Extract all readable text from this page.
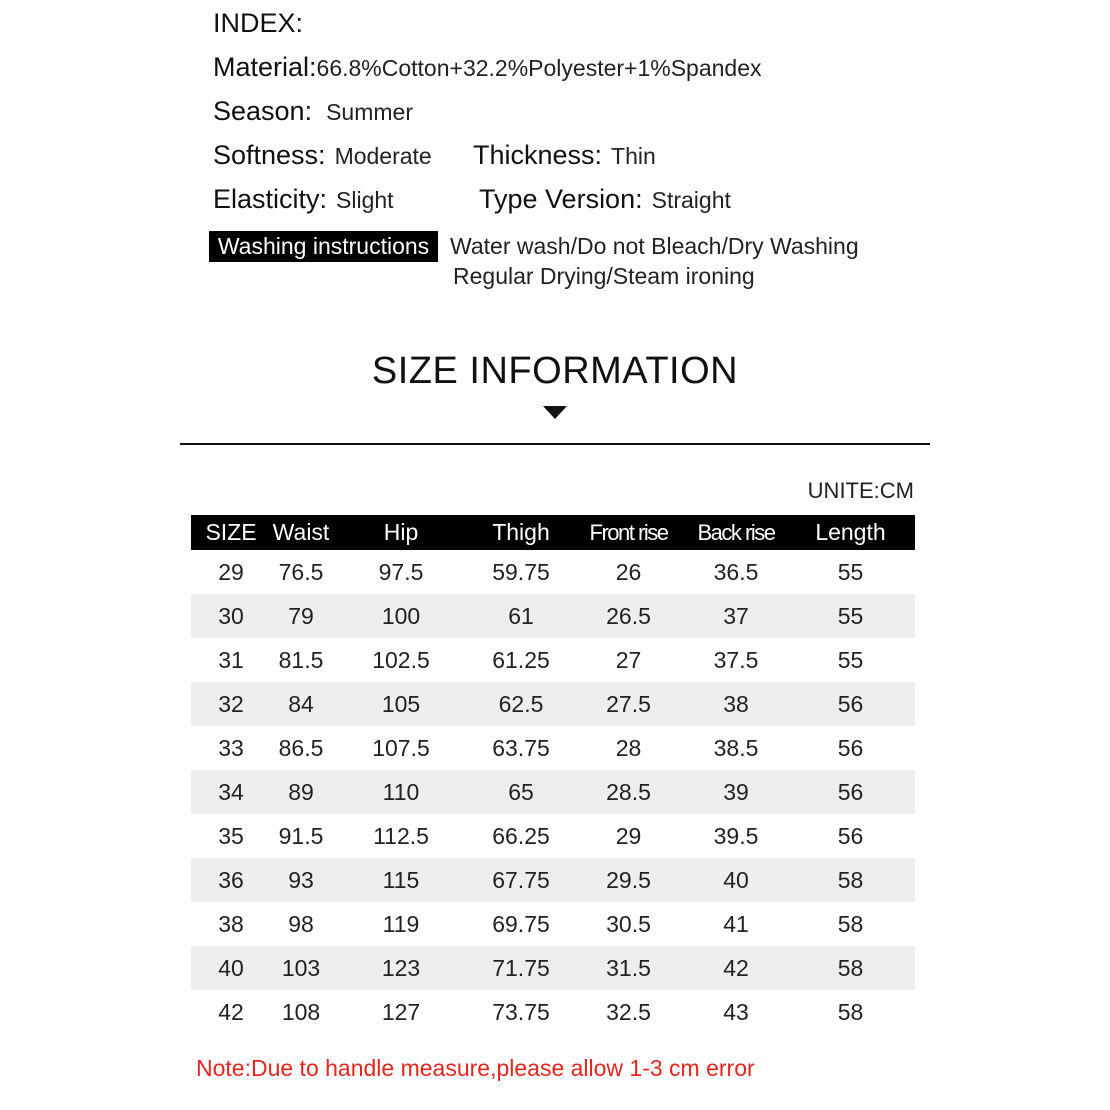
INDEX:
Material: 66.8%Cotton+32.2%Polyester+1%Spandex
Season: Summer
Softness: Moderate Thickness: Thin
Elasticity: Slight	Type Version: Straight
Washing instructions Water wash/Do not Bleach/Dry Washing
Regular Drying/Steam ironing
SIZE INFORMATION
UNITE:CM
SIZE Waist	Hip	Thigh	Front rise	Back rise	Length
29	76.5	97.5	59.75	26	36.5	55
30	79	100	61	26.5	37	55
31	81.5	102.5	61.25	27	37.5	55
32	84	105	62.5	27.5	38	56
33	86.5	107.5	63.75	28	38.5	56
34	89	110	65	28.5	39	56
35	91.5	112.5	66.25	29	39.5	56
36	93	115	67.75	29.5	40	58
38	98	119	69.75	30.5	41	58
40	103	123	71.75	31.5	42	58
42	108	127	73.75	32.5	43	58
Note:Due to handle measure,please allow 1-3 cm error
